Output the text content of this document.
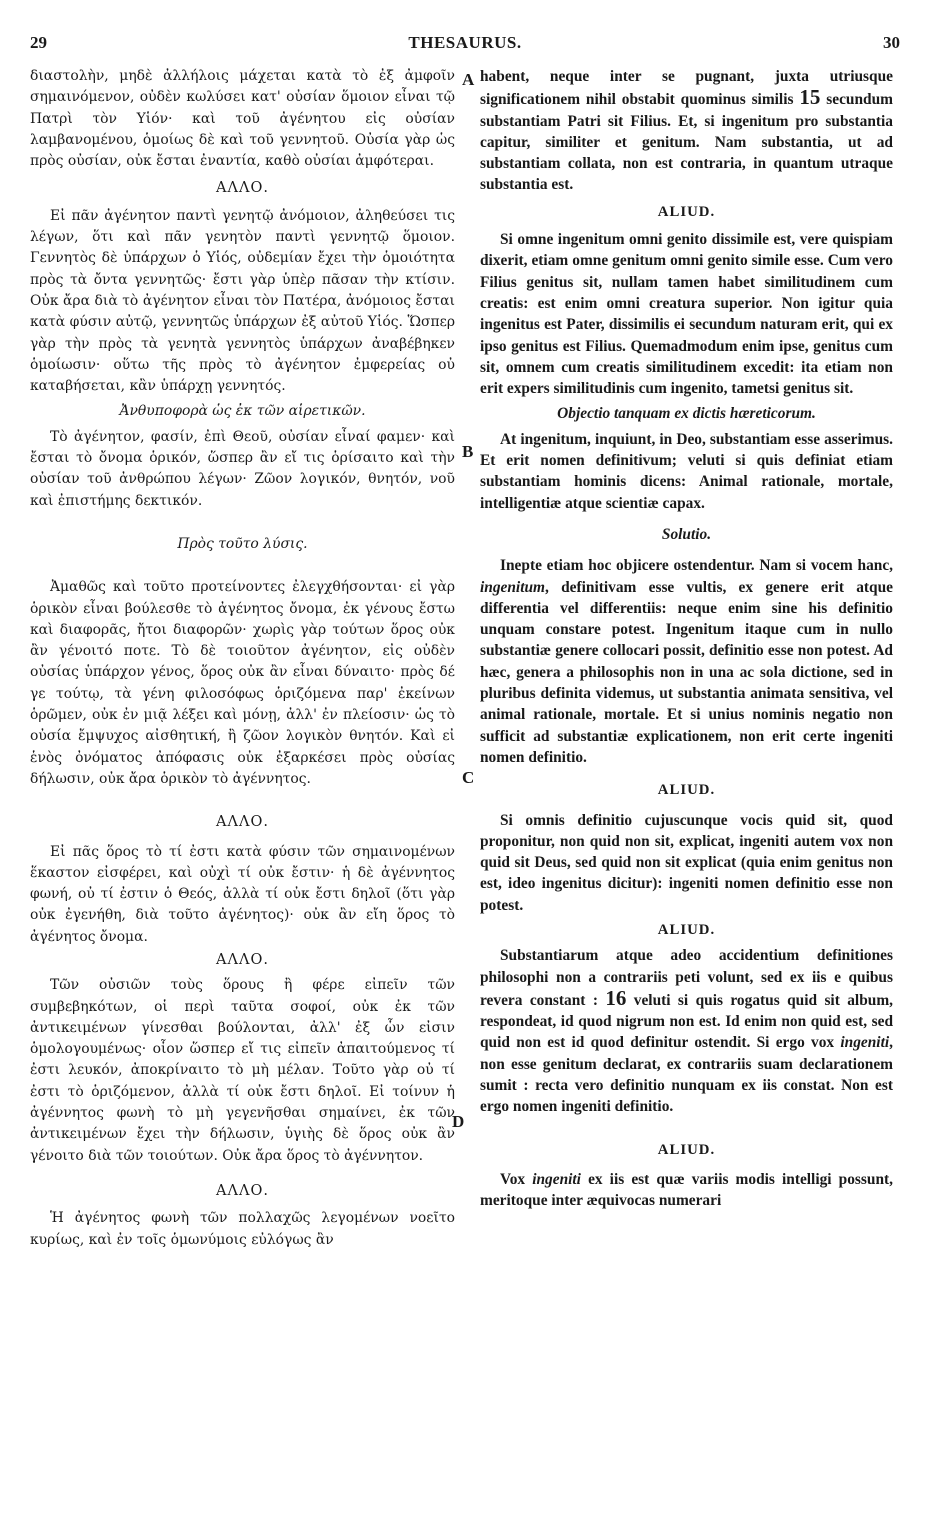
29	THESAURUS.	30
A
B
C
D

διαστολὴν, μηδὲ ἀλλήλοις μάχεται κατὰ τὸ ἐξ ἀμφοῖν σημαινόμενον, οὐδὲν κωλύσει κατ' οὐσίαν ὅμοιον εἶναι τῷ Πατρὶ τὸν Υἱόν· καὶ τοῦ ἀγένητου εἰς οὐσίαν λαμβανομένου, ὁμοίως δὲ καὶ τοῦ γεννητοῦ. Οὐσία γὰρ ὡς πρὸς οὐσίαν, οὐκ ἔσται ἐναντία, καθὸ οὐσίαι ἀμφότεραι.

ΑΛΛΟ.

Εἰ πᾶν ἀγένητον παντὶ γενητῷ ἀνόμοιον, ἀληθεύσει τις λέγων, ὅτι καὶ πᾶν γενητὸν παντὶ γεννητῷ ὅμοιον. Γεννητὸς δὲ ὑπάρχων ὁ Υἱός, οὐδεμίαν ἔχει τὴν ὁμοιότητα πρὸς τὰ ὄντα γεννητῶς· ἔστι γὰρ ὑπὲρ πᾶσαν τὴν κτίσιν. Οὐκ ἄρα διὰ τὸ ἀγένητον εἶναι τὸν Πατέρα, ἀνόμοιος ἔσται κατὰ φύσιν αὐτῷ, γεννητῶς ὑπάρχων ἐξ αὐτοῦ Υἱός. Ὥσπερ γὰρ τὴν πρὸς τὰ γενητὰ γεννητὸς ὑπάρχων ἀναβέβηκεν ὁμοίωσιν· οὕτω τῆς πρὸς τὸ ἀγένητον ἐμφερείας οὐ καταβήσεται, κἂν ὑπάρχῃ γεννητός.

Ἀνθυποφορὰ ὡς ἐκ τῶν αἱρετικῶν.

Τὸ ἀγένητον, φασίν, ἐπὶ Θεοῦ, οὐσίαν εἶναί φαμεν· καὶ ἔσται τὸ ὄνομα ὁρικόν, ὥσπερ ἂν εἴ τις ὁρίσαιτο καὶ τὴν οὐσίαν τοῦ ἀνθρώπου λέγων· Ζῶον λογικόν, θνητόν, νοῦ καὶ ἐπιστήμης δεκτικόν.

Πρὸς τοῦτο λύσις.

Ἀμαθῶς καὶ τοῦτο προτείνοντες ἐλεγχθήσονται· εἰ γὰρ ὁρικὸν εἶναι βούλεσθε τὸ ἀγένητος ὄνομα, ἐκ γένους ἔστω καὶ διαφορᾶς, ἤτοι διαφορῶν· χωρὶς γὰρ τούτων ὅρος οὐκ ἂν γένοιτό ποτε. Τὸ δὲ τοιοῦτον ἀγένητον, εἰς οὐδὲν οὐσίας ὑπάρχον γένος, ὅρος οὐκ ἂν εἶναι δύναιτο· πρὸς δέ γε τούτῳ, τὰ γένη φιλοσόφως ὁριζόμενα παρ' ἐκείνων ὁρῶμεν, οὐκ ἐν μιᾷ λέξει καὶ μόνῃ, ἀλλ' ἐν πλείοσιν· ὡς τὸ οὐσία ἔμψυχος αἰσθητική, ἢ ζῶον λογικὸν θνητόν. Καὶ εἰ ἑνὸς ὀνόματος ἀπόφασις οὐκ ἐξαρκέσει πρὸς οὐσίας δήλωσιν, οὐκ ἄρα ὁρικὸν τὸ ἀγέννητος.

ΑΛΛΟ.

Εἰ πᾶς ὅρος τὸ τί ἐστι κατὰ φύσιν τῶν σημαινομένων ἕκαστον εἰσφέρει, καὶ οὐχὶ τί οὐκ ἔστιν· ἡ δὲ ἀγέννητος φωνή, οὐ τί ἐστιν ὁ Θεός, ἀλλὰ τί οὐκ ἔστι δηλοῖ (ὅτι γὰρ οὐκ ἐγενήθη, διὰ τοῦτο ἀγένητος)· οὐκ ἂν εἴη ὅρος τὸ ἀγένητος ὄνομα.

ΑΛΛΟ.

Τῶν οὐσιῶν τοὺς ὅρους ἢ φέρε εἰπεῖν τῶν συμβεβηκότων, οἱ περὶ ταῦτα σοφοί, οὐκ ἐκ τῶν ἀντικειμένων γίνεσθαι βούλονται, ἀλλ' ἐξ ὧν εἰσιν ὁμολογουμένως· οἷον ὥσπερ εἴ τις εἰπεῖν ἀπαιτούμενος τί ἐστι λευκόν, ἀποκρίναιτο τὸ μὴ μέλαν. Τοῦτο γὰρ οὐ τί ἐστι τὸ ὁριζόμενον, ἀλλὰ τί οὐκ ἔστι δηλοῖ. Εἰ τοίνυν ἡ ἀγέννητος φωνὴ τὸ μὴ γεγενῆσθαι σημαίνει, ἐκ τῶν ἀντικειμένων ἔχει τὴν δήλωσιν, ὑγιὴς δὲ ὅρος οὐκ ἂν γένοιτο διὰ τῶν τοιούτων. Οὐκ ἄρα ὅρος τὸ ἀγέννητον.

ΑΛΛΟ.

Ἡ ἀγένητος φωνὴ τῶν πολλαχῶς λεγομένων νοεῖτο κυρίως, καὶ ἐν τοῖς ὁμωνύμοις εὐλόγως ἂν

habent, neque inter se pugnant, juxta utriusque significationem nihil obstabit quominus similis 15 secundum substantiam Patri sit Filius. Et, si ingenitum pro substantia capitur, similiter et genitum. Nam substantia, ut ad substantiam collata, non est contraria, in quantum utraque substantia est.

ALIUD.

Si omne ingenitum omni genito dissimile est, vere quispiam dixerit, etiam omne genitum omni genito simile esse. Cum vero Filius genitus sit, nullam tamen habet similitudinem cum creatis: est enim omni creatura superior. Non igitur quia ingenitus est Pater, dissimilis ei secundum naturam erit, qui ex ipso genitus est Filius. Quemadmodum enim ipse, genitus cum sit, omnem cum creatis similitudinem excedit: ita etiam non erit expers similitudinis cum ingenito, tametsi genitus sit.

Objectio tanquam ex dictis hæreticorum.

At ingenitum, inquiunt, in Deo, substantiam esse asserimus. Et erit nomen definitivum; veluti si quis definiat etiam substantiam hominis dicens: Animal rationale, mortale, intelligentiæ atque scientiæ capax.

Solutio.

Inepte etiam hoc objicere ostendentur. Nam si vocem hanc, ingenitum, definitivam esse vultis, ex genere erit atque differentia vel differentiis: neque enim sine his definitio unquam constare potest. Ingenitum itaque cum in nullo substantiæ genere collocari possit, definitio esse non potest. Ad hæc, genera a philosophis non in una ac sola dictione, sed in pluribus definita videmus, ut substantia animata sensitiva, vel animal rationale, mortale. Et si unius nominis negatio non sufficit ad substantiæ explicationem, non erit certe ingeniti nomen definitio.

ALIUD.

Si omnis definitio cujuscunque vocis quid sit, quod proponitur, non quid non sit, explicat, ingeniti autem vox non quid sit Deus, sed quid non sit explicat (quia enim genitus non est, ideo ingenitus dicitur): ingeniti nomen definitio esse non potest.

ALIUD.

Substantiarum atque adeo accidentium definitiones philosophi non a contrariis peti volunt, sed ex iis e quibus revera constant : 16 veluti si quis rogatus quid sit album, respondeat, id quod nigrum non est. Id enim non quid est, sed quid non est id quod definitur ostendit. Si ergo vox ingeniti, non esse genitum declarat, ex contrariis suam declarationem sumit : recta vero definitio nunquam ex iis constat. Non est ergo nomen ingeniti definitio.

ALIUD.

Vox ingeniti ex iis est quæ variis modis intelligi possunt, meritoque inter æquivocas numerari
